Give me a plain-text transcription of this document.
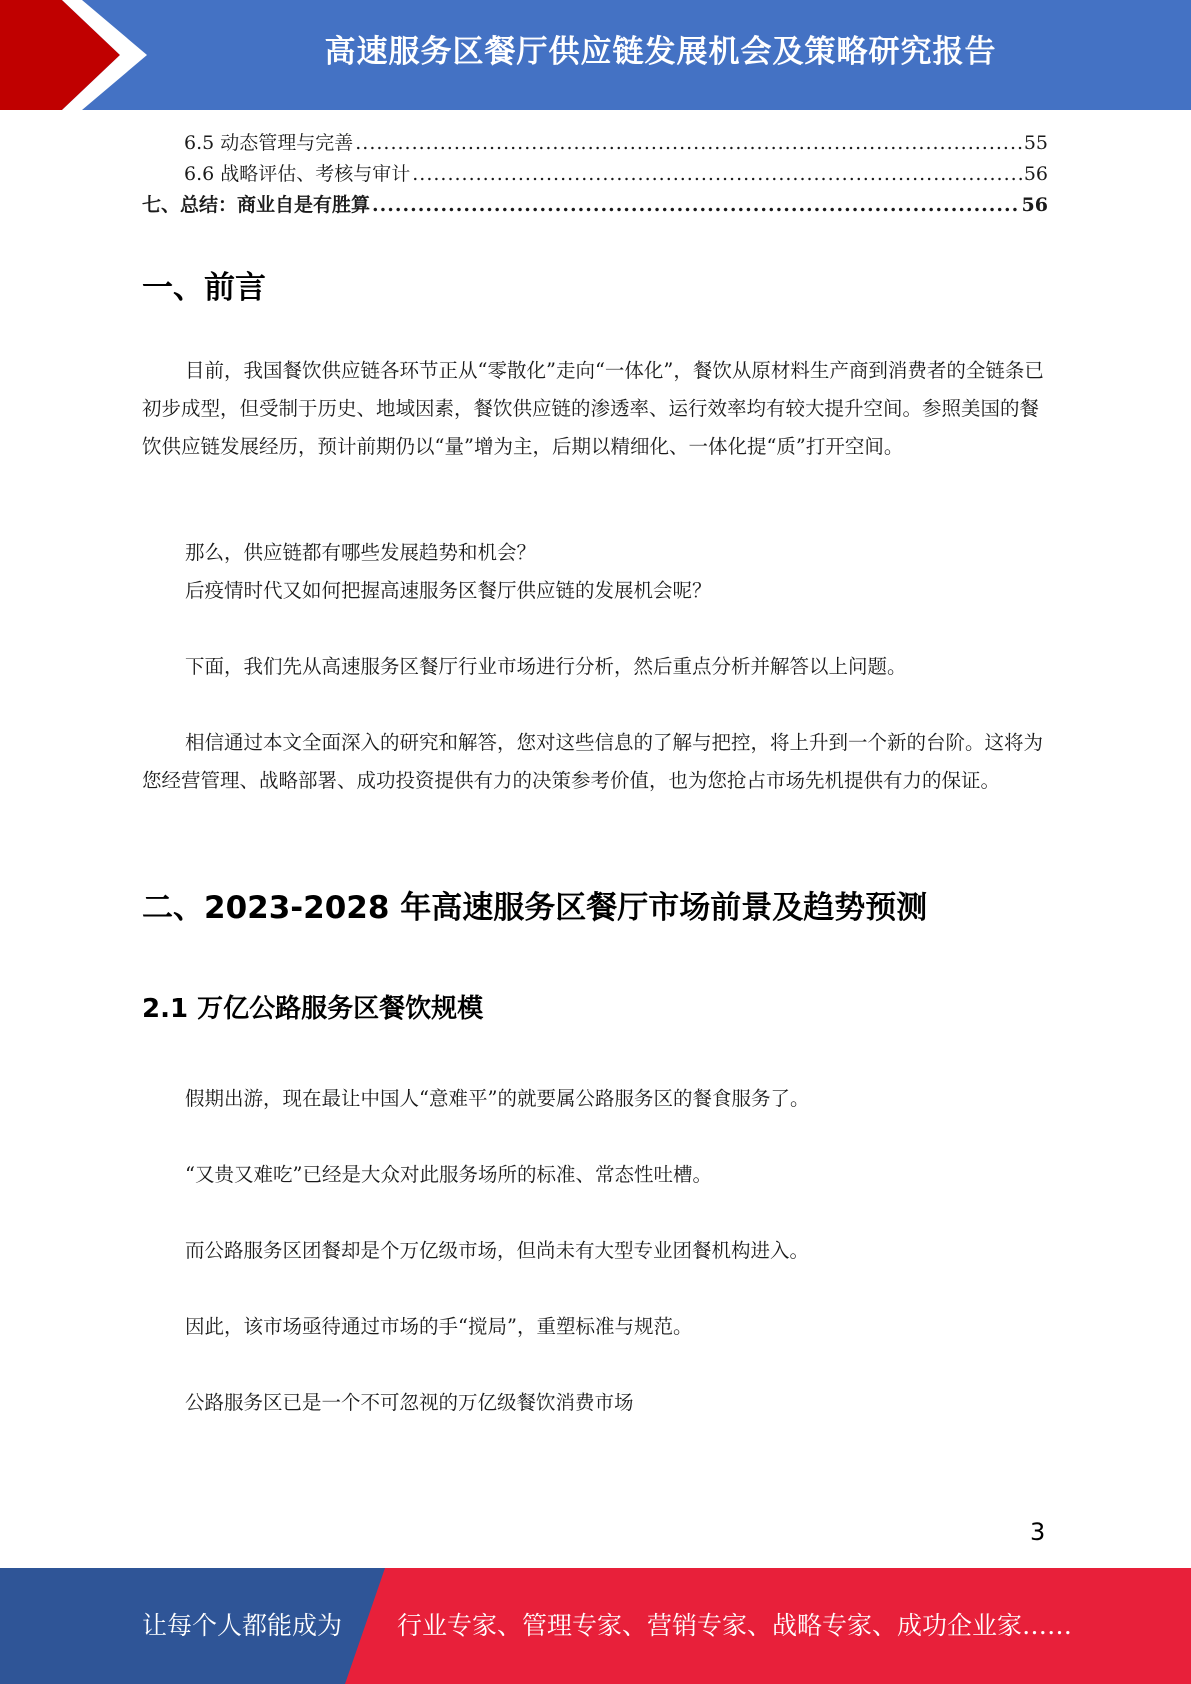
高速服务区餐厅供应链发展机会及策略研究报告
6.5 动态管理与完善 .....	55
6.6 战略评估、考核与审计 .....	56
七、总结：商业自是有胜算 .....	56
一、前言
目前，我国餐饮供应链各环节正从“零散化”走向“一体化”，餐饮从原材料生产商到消费者的全链条已初步成型，但受制于历史、地域因素，餐饮供应链的渗透率、运行效率均有较大提升空间。参照美国的餐饮供应链发展经历，预计前期仍以“量”增为主，后期以精细化、一体化提“质”打开空间。
那么，供应链都有哪些发展趋势和机会？
后疫情时代又如何把握高速服务区餐厅供应链的发展机会呢？
下面，我们先从高速服务区餐厅行业市场进行分析，然后重点分析并解答以上问题。
相信通过本文全面深入的研究和解答，您对这些信息的了解与把控，将上升到一个新的台阶。这将为您经营管理、战略部署、成功投资提供有力的决策参考价值，也为您抢占市场先机提供有力的保证。
二、2023-2028 年高速服务区餐厅市场前景及趋势预测
2.1 万亿公路服务区餐饮规模
假期出游，现在最让中国人“意难平”的就要属公路服务区的餐食服务了。
“又贵又难吃”已经是大众对此服务场所的标准、常态性吐槽。
而公路服务区团餐却是个万亿级市场，但尚未有大型专业团餐机构进入。
因此，该市场亟待通过市场的手“搅局”，重塑标准与规范。
公路服务区已是一个不可忽视的万亿级餐饮消费市场
3
让每个人都能成为 行业专家、管理专家、营销专家、战略专家、成功企业家……
